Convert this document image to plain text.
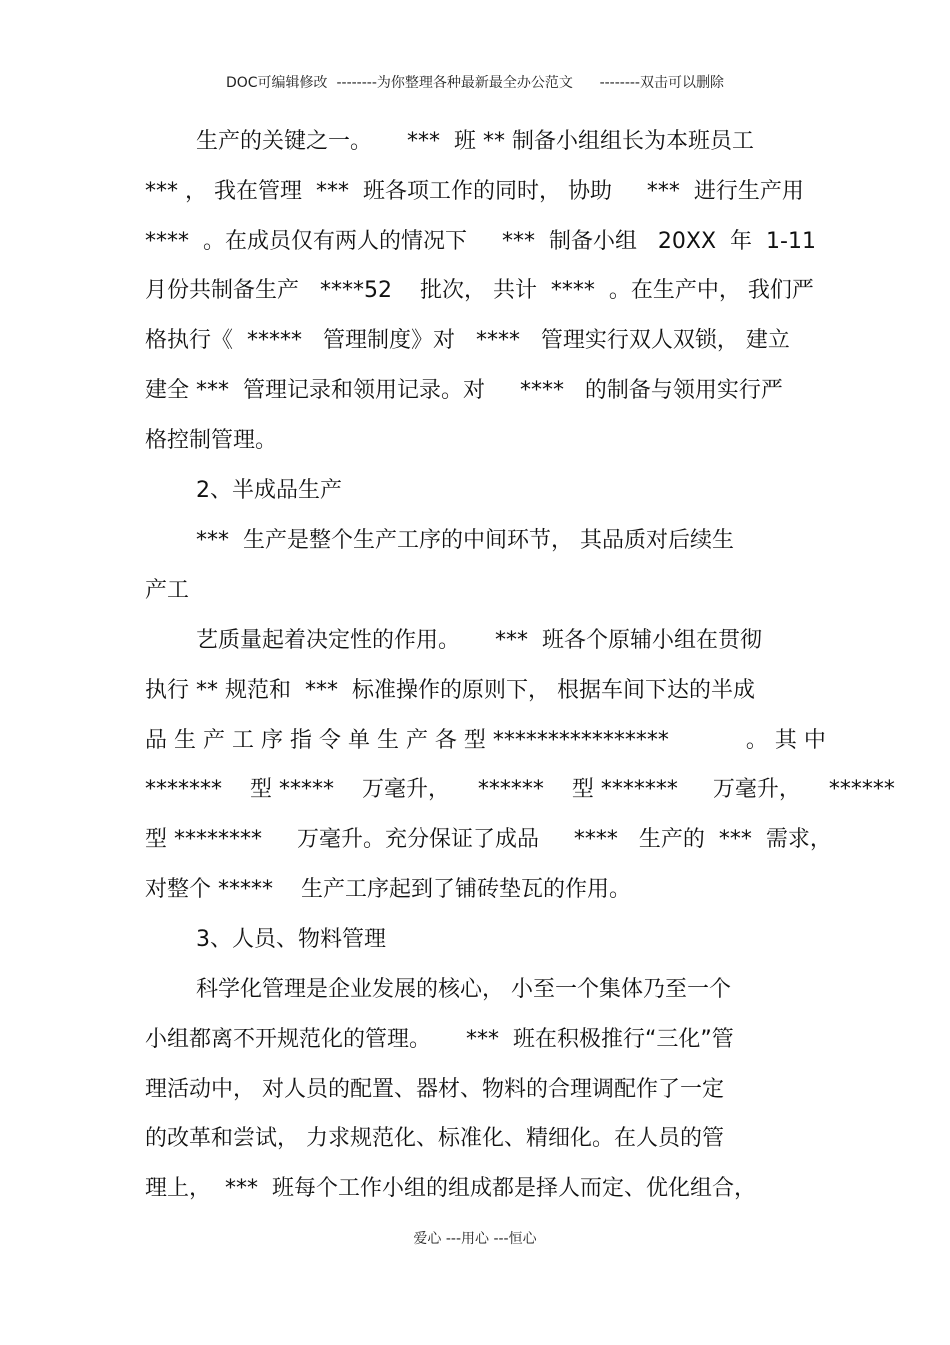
DOC可编辑修改  --------为你整理各种最新最全办公范文      --------双击可以删除
生产的关键之一。     ***  班 ** 制备小组组长为本班员工
*** ， 我在管理  ***  班各项工作的同时， 协助     ***  进行生产用
****  。在成员仅有两人的情况下     ***  制备小组   20XX  年  1-11
月份共制备生产   ****52    批次， 共计  ****  。在生产中， 我们严
格执行《  *****   管理制度》对   ****   管理实行双人双锁， 建立
建全 ***  管理记录和领用记录。对     ****   的制备与领用实行严
格控制管理。
2、半成品生产
***  生产是整个生产工序的中间环节， 其品质对后续生
产工
艺质量起着决定性的作用。     ***  班各个原辅小组在贯彻
执行 ** 规范和  ***  标准操作的原则下， 根据车间下达的半成
品 生 产 工 序 指 令 单 生 产 各 型 ****************           。 其 中
*******    型 *****    万毫升，    ******    型 *******     万毫升，    ******
型 ********     万毫升。充分保证了成品     ****   生产的  ***  需求，
对整个 *****    生产工序起到了铺砖垫瓦的作用。
3、人员、物料管理
科学化管理是企业发展的核心， 小至一个集体乃至一个
小组都离不开规范化的管理。     ***  班在积极推行“三化”管
理活动中， 对人员的配置、器材、物料的合理调配作了一定
的改革和尝试， 力求规范化、标准化、精细化。在人员的管
理上，  ***  班每个工作小组的组成都是择人而定、优化组合，
爱心 ---用心 ---恒心
